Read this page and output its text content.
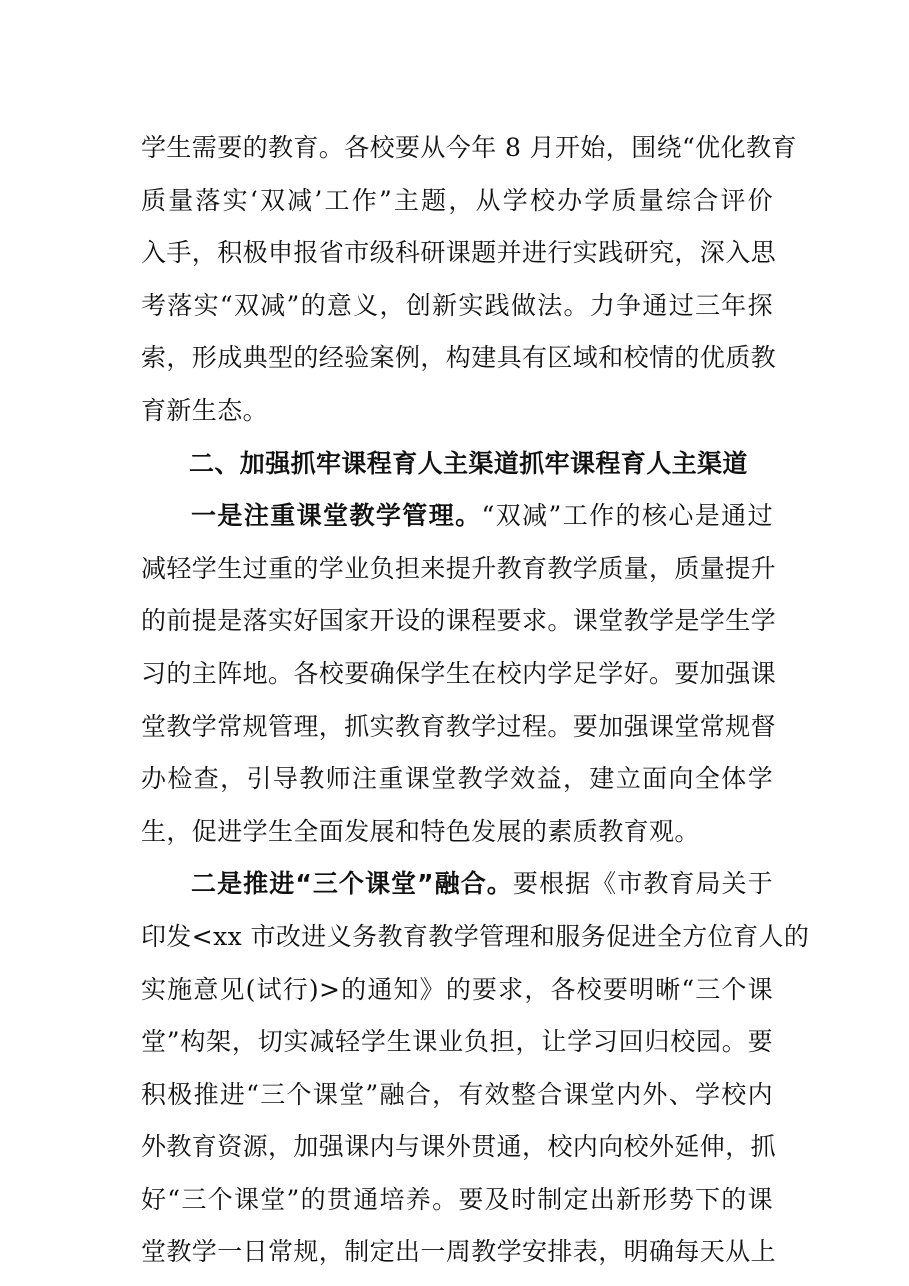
学生需要的教育。各校要从今年 8 月开始，围绕“优化教育
质量落实‘双减’工作”主题，从学校办学质量综合评价
入手，积极申报省市级科研课题并进行实践研究，深入思
考落实“双减”的意义，创新实践做法。力争通过三年探
索，形成典型的经验案例，构建具有区域和校情的优质教
育新生态。
二、加强抓牢课程育人主渠道抓牢课程育人主渠道
一是注重课堂教学管理。“双减”工作的核心是通过
减轻学生过重的学业负担来提升教育教学质量，质量提升
的前提是落实好国家开设的课程要求。课堂教学是学生学
习的主阵地。各校要确保学生在校内学足学好。要加强课
堂教学常规管理，抓实教育教学过程。要加强课堂常规督
办检查，引导教师注重课堂教学效益，建立面向全体学
生，促进学生全面发展和特色发展的素质教育观。
二是推进“三个课堂”融合。要根据《市教育局关于
印发<xx 市改进义务教育教学管理和服务促进全方位育人的
实施意见(试行)>的通知》的要求，各校要明晰“三个课
堂”构架，切实减轻学生课业负担，让学习回归校园。要
积极推进“三个课堂”融合，有效整合课堂内外、学校内
外教育资源，加强课内与课外贯通，校内向校外延伸，抓
好“三个课堂”的贯通培养。要及时制定出新形势下的课
堂教学一日常规，制定出一周教学安排表，明确每天从上
